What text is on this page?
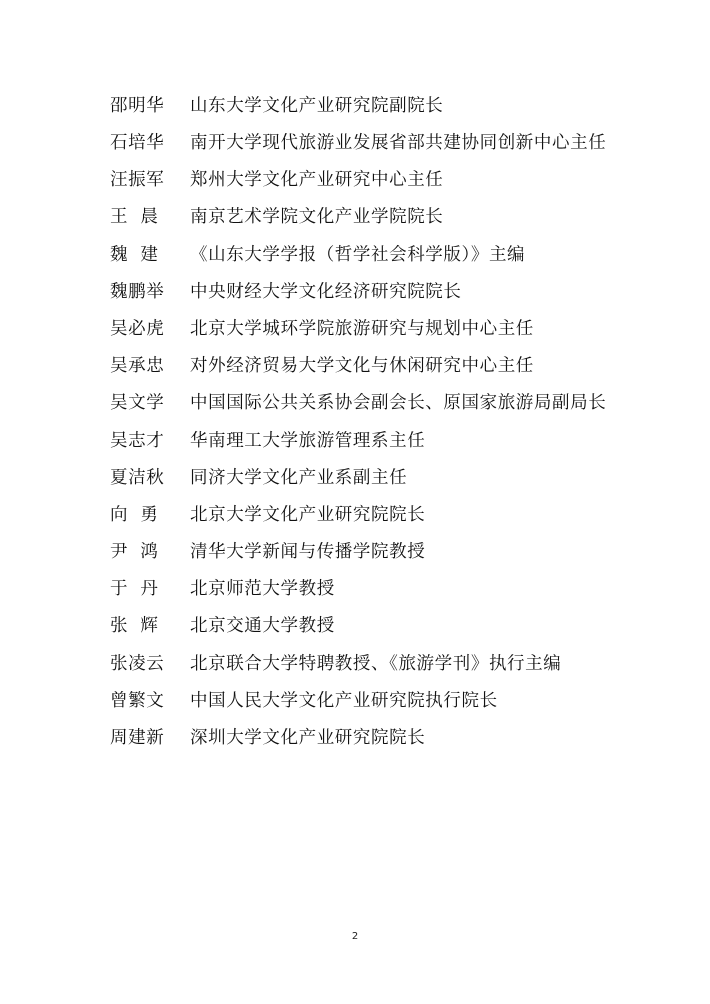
邵明华	山东大学文化产业研究院副院长
石培华	南开大学现代旅游业发展省部共建协同创新中心主任
汪振军	郑州大学文化产业研究中心主任
王  晨	南京艺术学院文化产业学院院长
魏  建	《山东大学学报（哲学社会科学版）》主编
魏鹏举	中央财经大学文化经济研究院院长
吴必虎	北京大学城环学院旅游研究与规划中心主任
吴承忠	对外经济贸易大学文化与休闲研究中心主任
吴文学	中国国际公共关系协会副会长、原国家旅游局副局长
吴志才	华南理工大学旅游管理系主任
夏洁秋	同济大学文化产业系副主任
向  勇	北京大学文化产业研究院院长
尹  鸿	清华大学新闻与传播学院教授
于  丹	北京师范大学教授
张  辉	北京交通大学教授
张凌云	北京联合大学特聘教授、《旅游学刊》执行主编
曾繁文	中国人民大学文化产业研究院执行院长
周建新	深圳大学文化产业研究院院长
2
